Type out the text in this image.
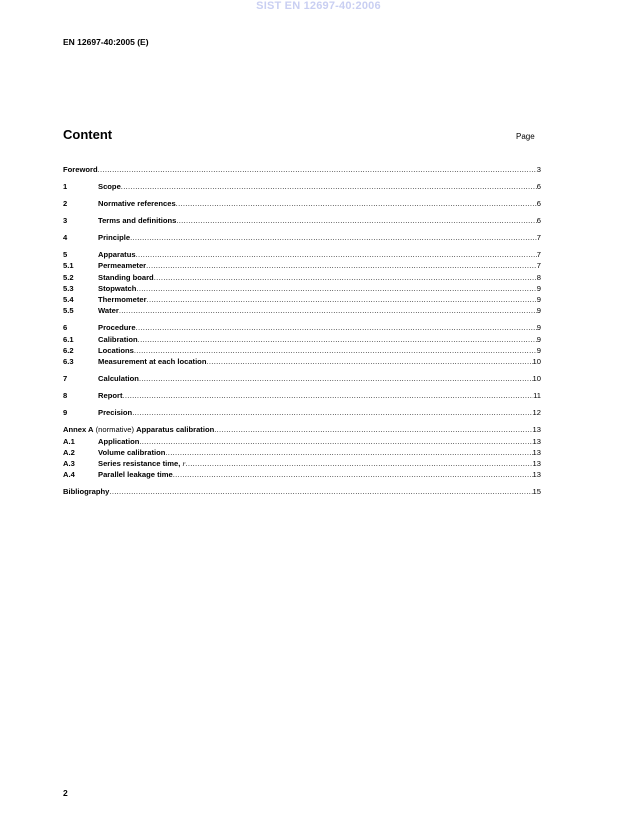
SIST EN 12697-40:2006
EN 12697-40:2005 (E)
Content	Page
Foreword .....	3
1	Scope .....	6
2	Normative references .....	6
3	Terms and definitions .....	6
4	Principle .....	7
5	Apparatus .....	7
5.1	Permeameter .....	7
5.2	Standing board .....	8
5.3	Stopwatch .....	9
5.4	Thermometer .....	9
5.5	Water .....	9
6	Procedure .....	9
6.1	Calibration .....	9
6.2	Locations .....	9
6.3	Measurement at each location .....	10
7	Calculation .....	10
8	Report .....	11
9	Precision .....	12
Annex A (normative) Apparatus calibration .....	13
A.1	Application .....	13
A.2	Volume calibration .....	13
A.3	Series resistance time, r .....	13
A.4	Parallel leakage time .....	13
Bibliography .....	15
2
